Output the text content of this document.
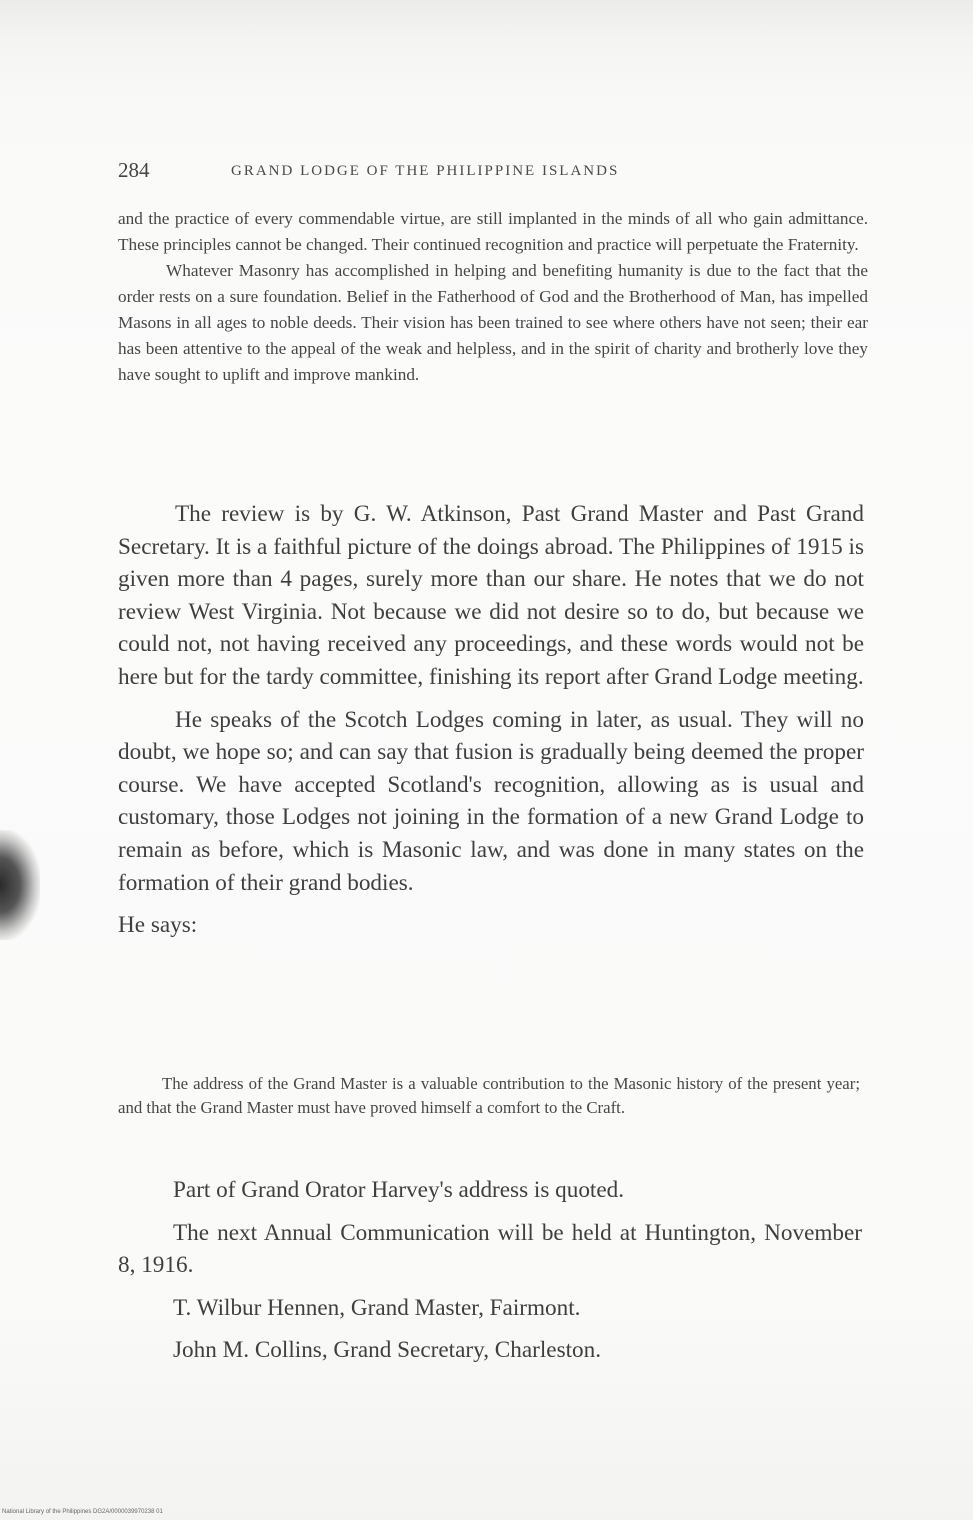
284	GRAND LODGE OF THE PHILIPPINE ISLANDS

and the practice of every commendable virtue, are still implanted in the minds of all who gain admittance. These principles cannot be changed. Their continued recognition and practice will perpetuate the Fraternity.

Whatever Masonry has accomplished in helping and benefiting humanity is due to the fact that the order rests on a sure foundation. Belief in the Fatherhood of God and the Brotherhood of Man, has impelled Masons in all ages to noble deeds. Their vision has been trained to see where others have not seen; their ear has been attentive to the appeal of the weak and helpless, and in the spirit of charity and brotherly love they have sought to uplift and improve mankind.

The review is by G. W. Atkinson, Past Grand Master and Past Grand Secretary. It is a faithful picture of the doings abroad. The Philippines of 1915 is given more than 4 pages, surely more than our share. He notes that we do not review West Virginia. Not because we did not desire so to do, but because we could not, not having received any proceedings, and these words would not be here but for the tardy committee, finishing its report after Grand Lodge meeting.

He speaks of the Scotch Lodges coming in later, as usual. They will no doubt, we hope so; and can say that fusion is gradually being deemed the proper course. We have accepted Scotland's recognition, allowing as is usual and customary, those Lodges not joining in the formation of a new Grand Lodge to remain as before, which is Masonic law, and was done in many states on the formation of their grand bodies.

He says:

The address of the Grand Master is a valuable contribution to the Masonic history of the present year; and that the Grand Master must have proved himself a comfort to the Craft.

Part of Grand Orator Harvey's address is quoted.

The next Annual Communication will be held at Huntington, November 8, 1916.

T. Wilbur Hennen, Grand Master, Fairmont.

John M. Collins, Grand Secretary, Charleston.

National Library of the Philippines DG2A/0000039970238 01
